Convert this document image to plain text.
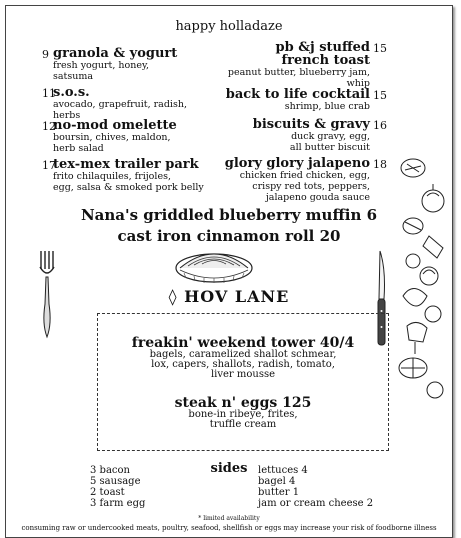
happy holladaze
9 granola & yogurt
fresh yogurt, honey,
satsuma
11
s.o.s.
avocado, grapefruit, radish,
herbs
12
no-mod omelette
boursin, chives, maldon,
herb salad
17
tex-mex trailer park
frito chilaquiles, frijoles,
egg, salsa & smoked pork belly
15
pb &j stuffed
french toast
peanut butter, blueberry jam,
whip
15
back to life cocktail
shrimp, blue crab
16
biscuits & gravy
duck gravy, egg,
all butter biscuit
18
glory glory jalapeno
chicken fried chicken, egg,
crispy red tots, peppers,
jalapeno gouda sauce
Nana's griddled blueberry muffin 6
cast iron cinnamon roll 20
◊ HOV LANE
freakin' weekend tower 40/4
bagels, caramelized shallot schmear,
lox, capers, shallots, radish, tomato,
liver mousse
steak n' eggs 125
bone-in ribeye, frites,
truffle cream
sides
3 bacon
5 sausage
2 toast
3 farm egg
lettuces 4
bagel 4
butter 1
jam or cream cheese 2
* limited availability
consuming raw or undercooked meats, poultry, seafood, shellfish or eggs may increase your risk of foodborne illness
